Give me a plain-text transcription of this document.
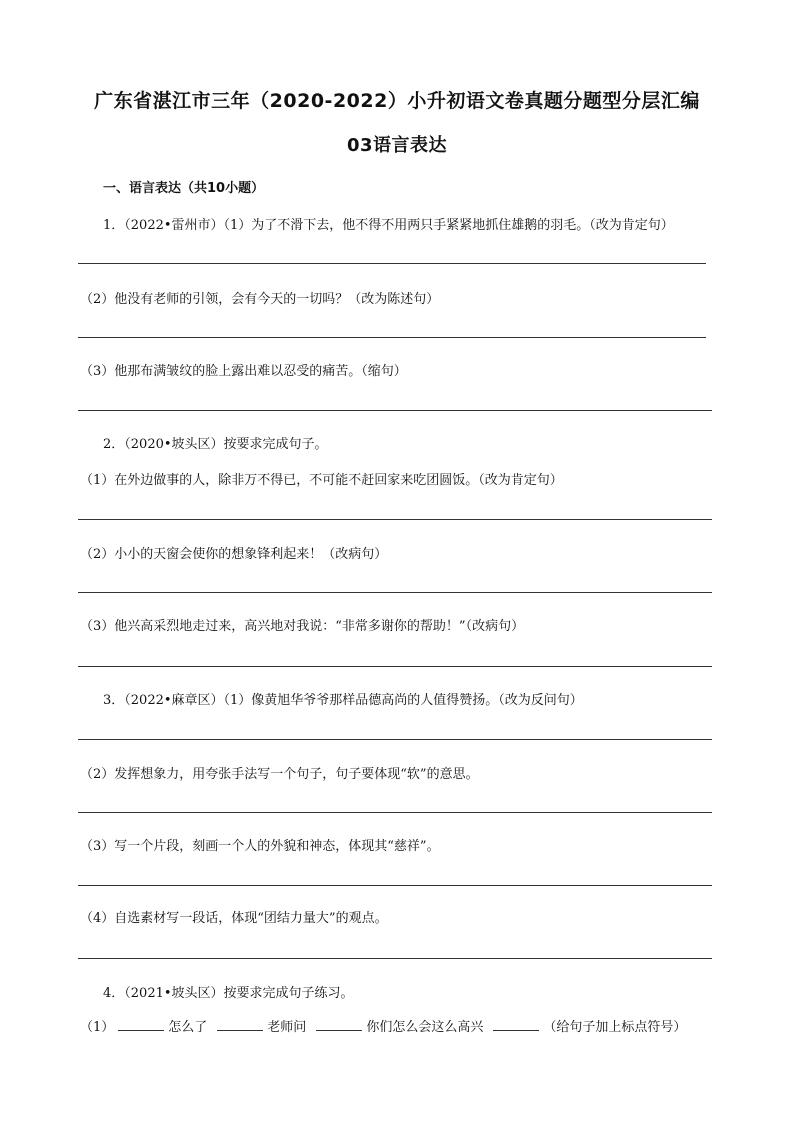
广东省湛江市三年（2020-2022）小升初语文卷真题分题型分层汇编
03语言表达
一、语言表达（共10小题）
1．（2022•雷州市）（1）为了不滑下去，他不得不用两只手紧紧地抓住雄鹅的羽毛。（改为肯定句）
（2）他没有老师的引领，会有今天的一切吗？（改为陈述句）
（3）他那布满皱纹的脸上露出难以忍受的痛苦。（缩句）
2．（2020•坡头区）按要求完成句子。
（1）在外边做事的人，除非万不得已，不可能不赶回家来吃团圆饭。（改为肯定句）
（2）小小的天窗会使你的想象锋利起来！（改病句）
（3）他兴高采烈地走过来，高兴地对我说：“非常多谢你的帮助！”（改病句）
3．（2022•麻章区）（1）像黄旭华爷爷那样品德高尚的人值得赞扬。（改为反问句）
（2）发挥想象力，用夸张手法写一个句子，句子要体现“软”的意思。
（3）写一个片段，刻画一个人的外貌和神态，体现其“慈祥”。
（4）自选素材写一段话，体现“团结力量大”的观点。
4．（2021•坡头区）按要求完成句子练习。
（1）	怎么了	老师问	你们怎么会这么高兴	（给句子加上标点符号）
